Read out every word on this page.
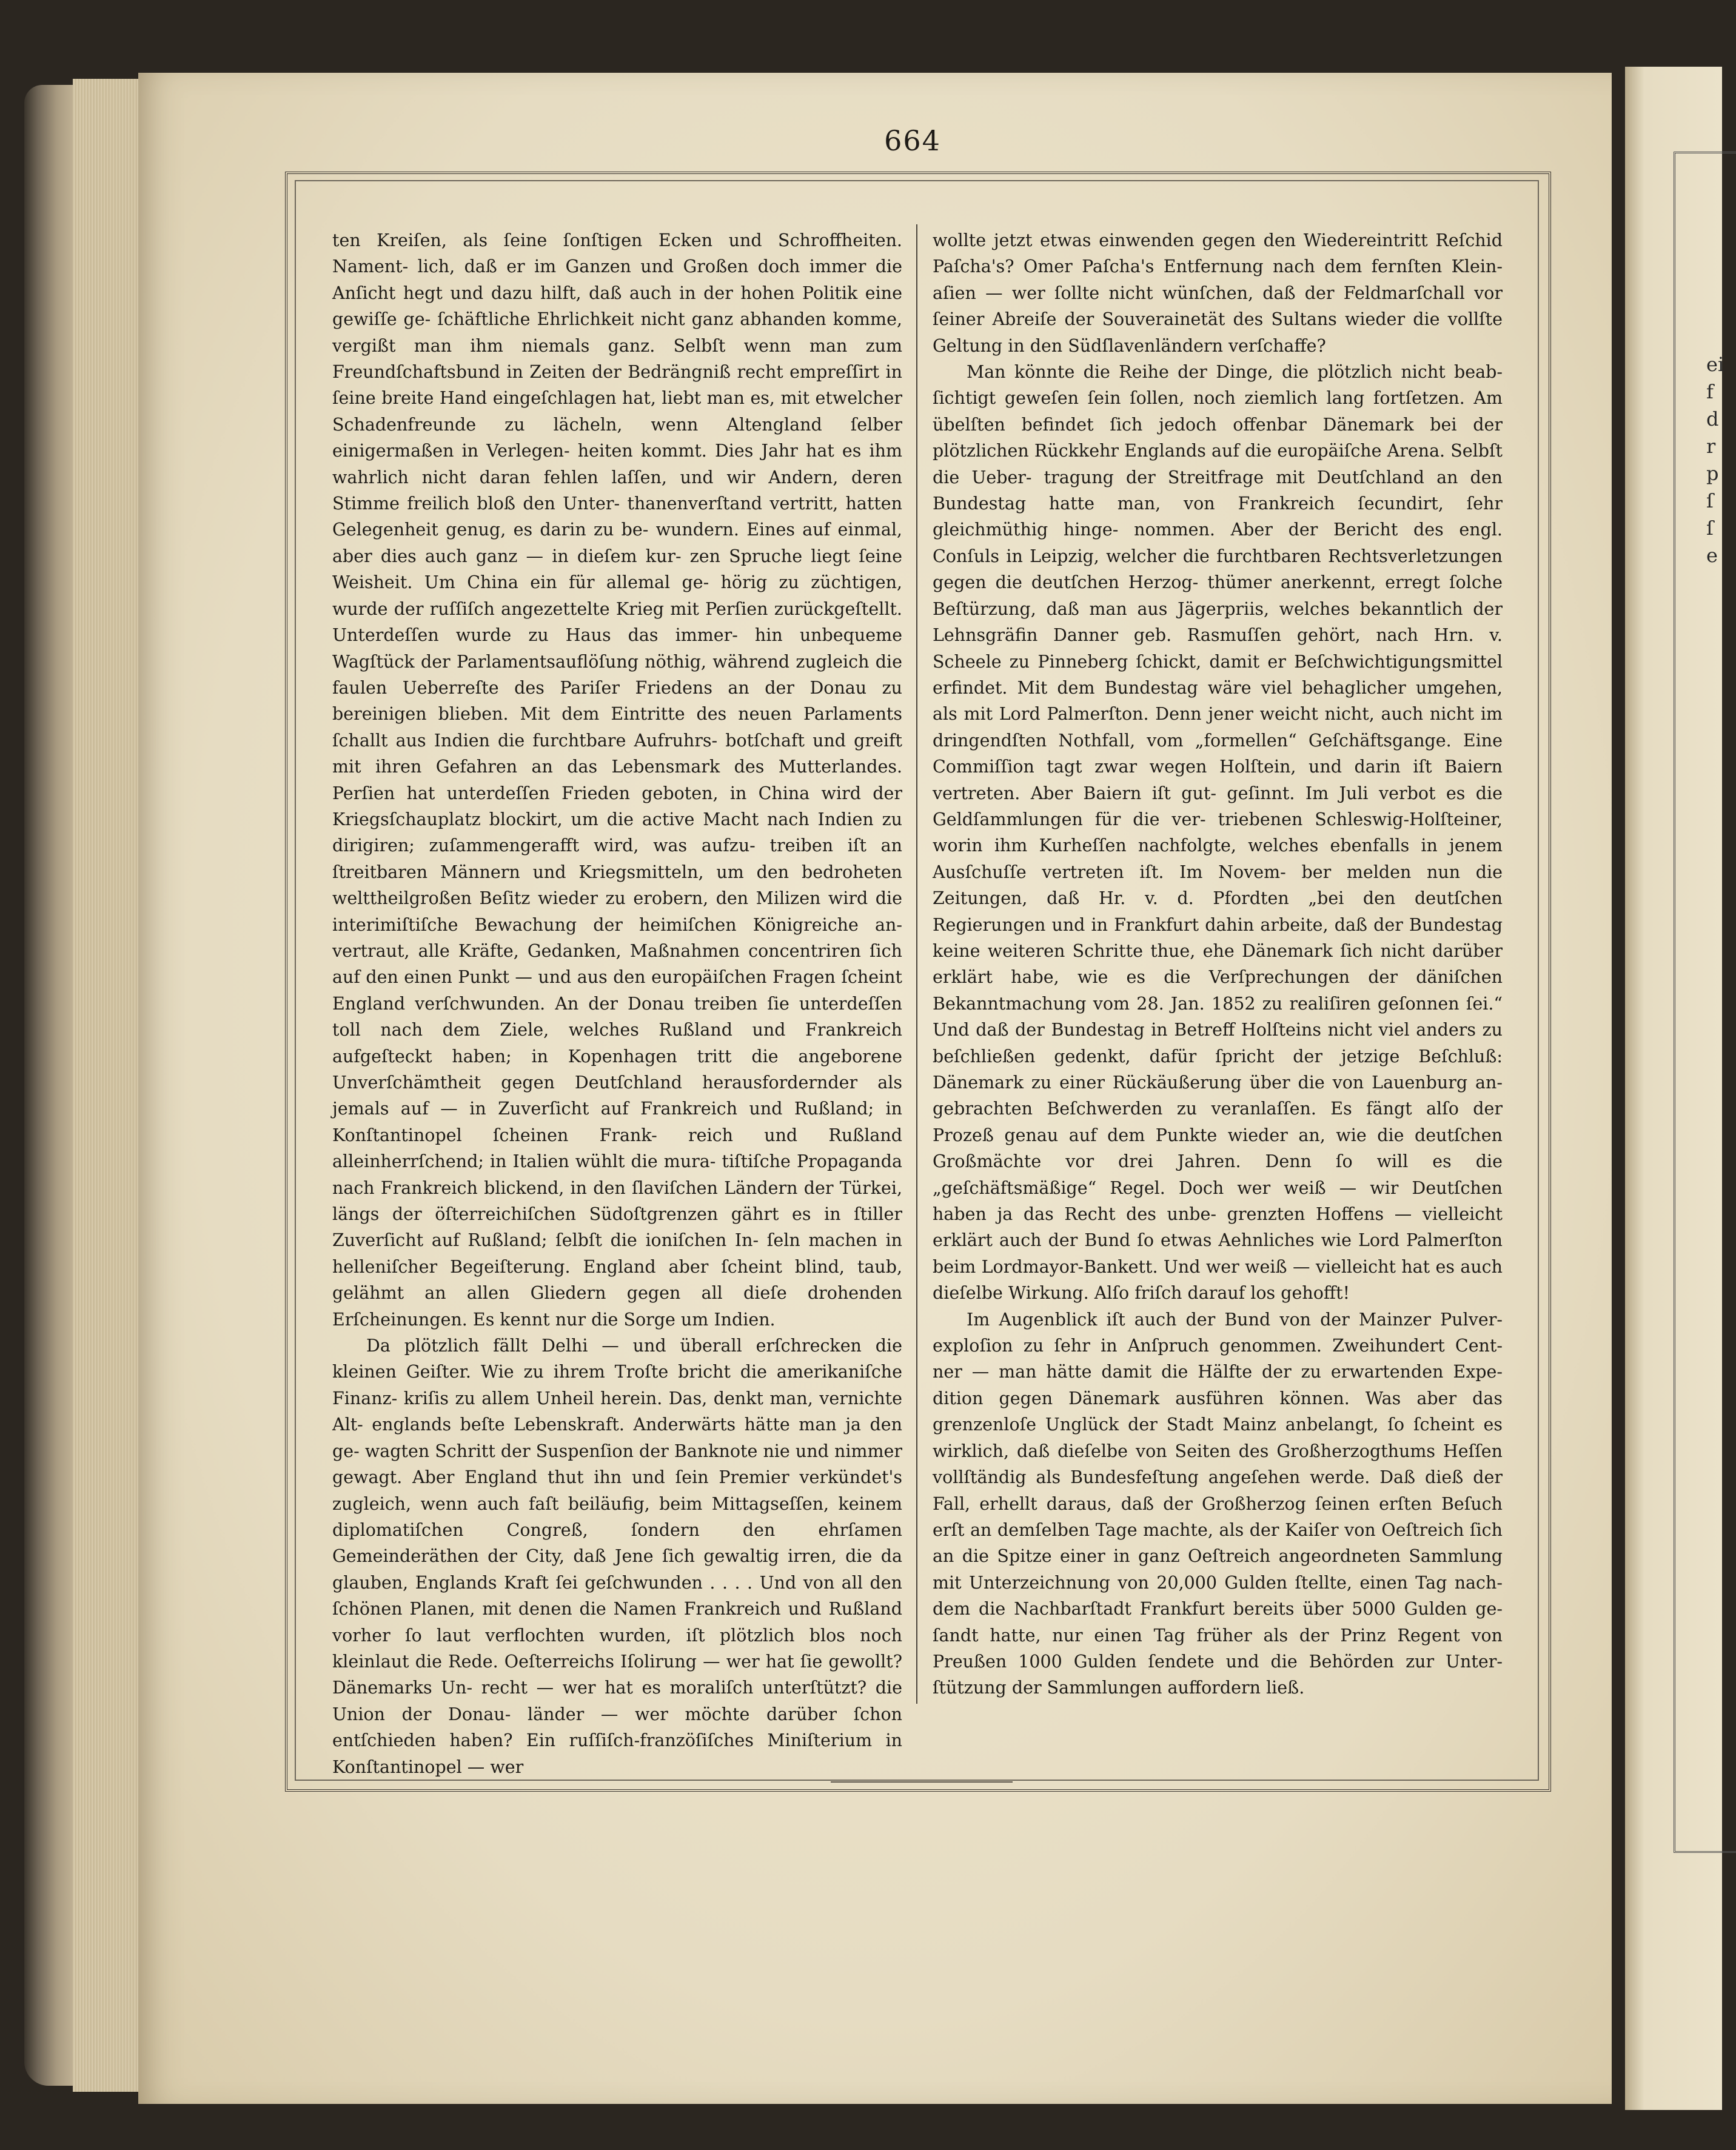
ei
f
d
r
p
ſ
ſ
e
664

ten Kreiſen, als ſeine ſonſtigen Ecken und Schroffheiten. Nament- lich, daß er im Ganzen und Großen doch immer die Anſicht hegt und dazu hilft, daß auch in der hohen Politik eine gewiſſe ge- ſchäftliche Ehrlichkeit nicht ganz abhanden komme, vergißt man ihm niemals ganz. Selbſt wenn man zum Freundſchaftsbund in Zeiten der Bedrängniß recht empreſſirt in ſeine breite Hand eingeſchlagen hat, liebt man es, mit etwelcher Schadenfreunde zu lächeln, wenn Altengland ſelber einigermaßen in Verlegen- heiten kommt. Dies Jahr hat es ihm wahrlich nicht daran fehlen laſſen, und wir Andern, deren Stimme freilich bloß den Unter- thanenverſtand vertritt, hatten Gelegenheit genug, es darin zu be- wundern. Eines auf einmal, aber dies auch ganz — in dieſem kur- zen Spruche liegt ſeine Weisheit. Um China ein für allemal ge- hörig zu züchtigen, wurde der ruſſiſch angezettelte Krieg mit Perſien zurückgeſtellt. Unterdeſſen wurde zu Haus das immer- hin unbequeme Wagſtück der Parlamentsauflöſung nöthig, während zugleich die faulen Ueberreſte des Pariſer Friedens an der Donau zu bereinigen blieben. Mit dem Eintritte des neuen Parlaments ſchallt aus Indien die furchtbare Aufruhrs- botſchaft und greift mit ihren Gefahren an das Lebensmark des Mutterlandes. Perſien hat unterdeſſen Frieden geboten, in China wird der Kriegsſchauplatz blockirt, um die active Macht nach Indien zu dirigiren; zuſammengerafft wird, was aufzu- treiben iſt an ſtreitbaren Männern und Kriegsmitteln, um den bedroheten welttheilgroßen Beſitz wieder zu erobern, den Milizen wird die interimiſtiſche Bewachung der heimiſchen Königreiche an- vertraut, alle Kräfte, Gedanken, Maßnahmen concentriren ſich auf den einen Punkt — und aus den europäiſchen Fragen ſcheint England verſchwunden. An der Donau treiben ſie unterdeſſen toll nach dem Ziele, welches Rußland und Frankreich aufgeſteckt haben; in Kopenhagen tritt die angeborene Unverſchämtheit gegen Deutſchland herausfordernder als jemals auf — in Zuverſicht auf Frankreich und Rußland; in Konſtantinopel ſcheinen Frank- reich und Rußland alleinherrſchend; in Italien wühlt die mura- tiſtiſche Propaganda nach Frankreich blickend, in den ſlaviſchen Ländern der Türkei, längs der öſterreichiſchen Südoſtgrenzen gährt es in ſtiller Zuverſicht auf Rußland; ſelbſt die ioniſchen In- ſeln machen in helleniſcher Begeiſterung. England aber ſcheint blind, taub, gelähmt an allen Gliedern gegen all dieſe drohenden Erſcheinungen. Es kennt nur die Sorge um Indien.

Da plötzlich fällt Delhi — und überall erſchrecken die kleinen Geiſter. Wie zu ihrem Troſte bricht die amerikaniſche Finanz- kriſis zu allem Unheil herein. Das, denkt man, vernichte Alt- englands beſte Lebenskraft. Anderwärts hätte man ja den ge- wagten Schritt der Suspenſion der Banknote nie und nimmer gewagt. Aber England thut ihn und ſein Premier verkündet's zugleich, wenn auch faſt beiläufig, beim Mittagseſſen, keinem diplomatiſchen Congreß, ſondern den ehrſamen Gemeinderäthen der City, daß Jene ſich gewaltig irren, die da glauben, Englands Kraft ſei geſchwunden . . . . Und von all den ſchönen Planen, mit denen die Namen Frankreich und Rußland vorher ſo laut verflochten wurden, iſt plötzlich blos noch kleinlaut die Rede. Oeſterreichs Iſolirung — wer hat ſie gewollt? Dänemarks Un- recht — wer hat es moraliſch unterſtützt? die Union der Donau- länder — wer möchte darüber ſchon entſchieden haben? Ein ruſſiſch-franzöſiſches Miniſterium in Konſtantinopel — wer

wollte jetzt etwas einwenden gegen den Wiedereintritt Reſchid Paſcha's? Omer Paſcha's Entfernung nach dem fernſten Klein- aſien — wer ſollte nicht wünſchen, daß der Feldmarſchall vor ſeiner Abreiſe der Souverainetät des Sultans wieder die vollſte Geltung in den Südſlavenländern verſchaffe?

Man könnte die Reihe der Dinge, die plötzlich nicht beab- ſichtigt geweſen ſein ſollen, noch ziemlich lang fortſetzen. Am übelſten befindet ſich jedoch offenbar Dänemark bei der plötzlichen Rückkehr Englands auf die europäiſche Arena. Selbſt die Ueber- tragung der Streitfrage mit Deutſchland an den Bundestag hatte man, von Frankreich ſecundirt, ſehr gleichmüthig hinge- nommen. Aber der Bericht des engl. Conſuls in Leipzig, welcher die furchtbaren Rechtsverletzungen gegen die deutſchen Herzog- thümer anerkennt, erregt ſolche Beſtürzung, daß man aus Jägerpriis, welches bekanntlich der Lehnsgräfin Danner geb. Rasmuſſen gehört, nach Hrn. v. Scheele zu Pinneberg ſchickt, damit er Beſchwichtigungsmittel erfindet. Mit dem Bundestag wäre viel behaglicher umgehen, als mit Lord Palmerſton. Denn jener weicht nicht, auch nicht im dringendſten Nothfall, vom „formellen“ Geſchäftsgange. Eine Commiſſion tagt zwar wegen Holſtein, und darin iſt Baiern vertreten. Aber Baiern iſt gut- geſinnt. Im Juli verbot es die Geldſammlungen für die ver- triebenen Schleswig-Holſteiner, worin ihm Kurheſſen nachfolgte, welches ebenfalls in jenem Ausſchuſſe vertreten iſt. Im Novem- ber melden nun die Zeitungen, daß Hr. v. d. Pfordten „bei den deutſchen Regierungen und in Frankfurt dahin arbeite, daß der Bundestag keine weiteren Schritte thue, ehe Dänemark ſich nicht darüber erklärt habe, wie es die Verſprechungen der däniſchen Bekanntmachung vom 28. Jan. 1852 zu realiſiren geſonnen ſei.“ Und daß der Bundestag in Betreff Holſteins nicht viel anders zu beſchließen gedenkt, dafür ſpricht der jetzige Beſchluß: Dänemark zu einer Rückäußerung über die von Lauenburg an- gebrachten Beſchwerden zu veranlaſſen. Es fängt alſo der Prozeß genau auf dem Punkte wieder an, wie die deutſchen Großmächte vor drei Jahren. Denn ſo will es die „geſchäftsmäßige“ Regel. Doch wer weiß — wir Deutſchen haben ja das Recht des unbe- grenzten Hoffens — vielleicht erklärt auch der Bund ſo etwas Aehnliches wie Lord Palmerſton beim Lordmayor-Bankett. Und wer weiß — vielleicht hat es auch dieſelbe Wirkung. Alſo friſch darauf los gehofft!

Im Augenblick iſt auch der Bund von der Mainzer Pulver- exploſion zu ſehr in Anſpruch genommen. Zweihundert Cent- ner — man hätte damit die Hälfte der zu erwartenden Expe- dition gegen Dänemark ausführen können. Was aber das grenzenloſe Unglück der Stadt Mainz anbelangt, ſo ſcheint es wirklich, daß dieſelbe von Seiten des Großherzogthums Heſſen vollſtändig als Bundesfeſtung angeſehen werde. Daß dieß der Fall, erhellt daraus, daß der Großherzog ſeinen erſten Beſuch erſt an demſelben Tage machte, als der Kaiſer von Oeſtreich ſich an die Spitze einer in ganz Oeſtreich angeordneten Sammlung mit Unterzeichnung von 20,000 Gulden ſtellte, einen Tag nach- dem die Nachbarſtadt Frankfurt bereits über 5000 Gulden ge- ſandt hatte, nur einen Tag früher als der Prinz Regent von Preußen 1000 Gulden ſendete und die Behörden zur Unter- ſtützung der Sammlungen auffordern ließ.
